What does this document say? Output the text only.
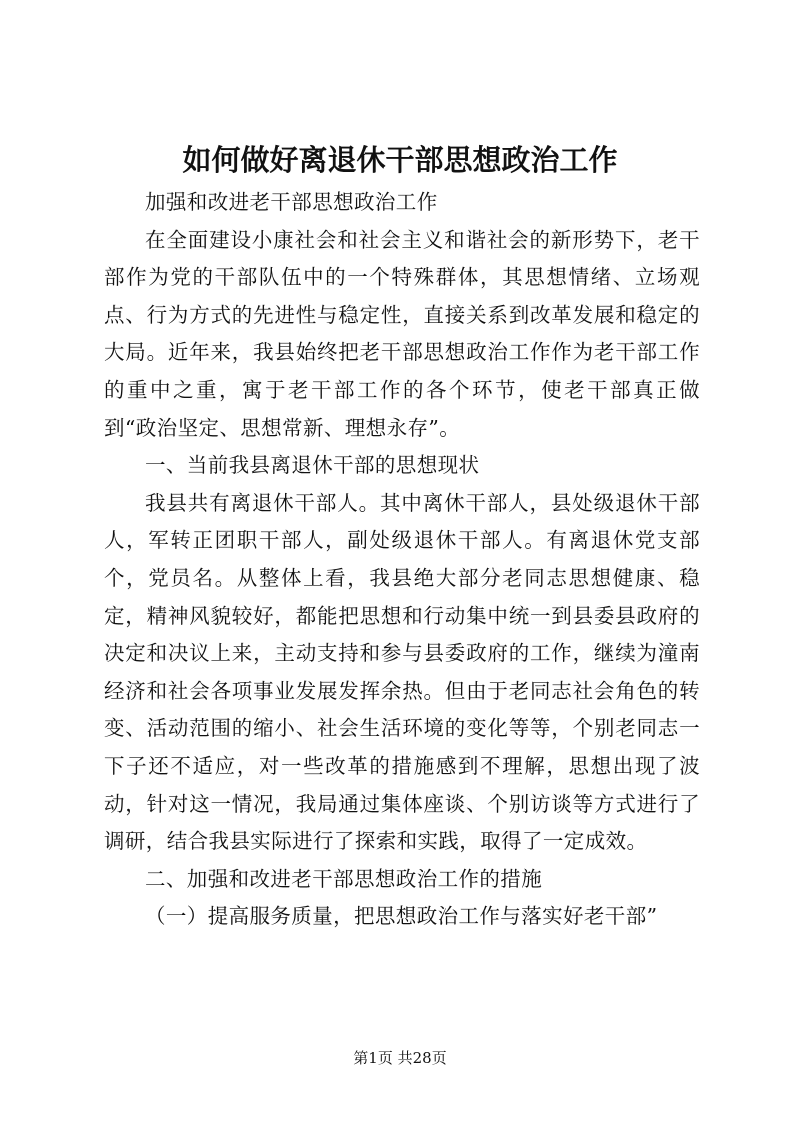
如何做好离退休干部思想政治工作

加强和改进老干部思想政治工作

在全面建设小康社会和社会主义和谐社会的新形势下，老干部作为党的干部队伍中的一个特殊群体，其思想情绪、立场观点、行为方式的先进性与稳定性，直接关系到改革发展和稳定的大局。近年来，我县始终把老干部思想政治工作作为老干部工作的重中之重，寓于老干部工作的各个环节，使老干部真正做到“政治坚定、思想常新、理想永存”。

一、当前我县离退休干部的思想现状

我县共有离退休干部人。其中离休干部人，县处级退休干部人，军转正团职干部人，副处级退休干部人。有离退休党支部个，党员名。从整体上看，我县绝大部分老同志思想健康、稳定，精神风貌较好，都能把思想和行动集中统一到县委县政府的决定和决议上来，主动支持和参与县委政府的工作，继续为潼南经济和社会各项事业发展发挥余热。但由于老同志社会角色的转变、活动范围的缩小、社会生活环境的变化等等，个别老同志一下子还不适应，对一些改革的措施感到不理解，思想出现了波动，针对这一情况，我局通过集体座谈、个别访谈等方式进行了调研，结合我县实际进行了探索和实践，取得了一定成效。

二、加强和改进老干部思想政治工作的措施

（一）提高服务质量，把思想政治工作与落实好老干部”

第1页 共28页
